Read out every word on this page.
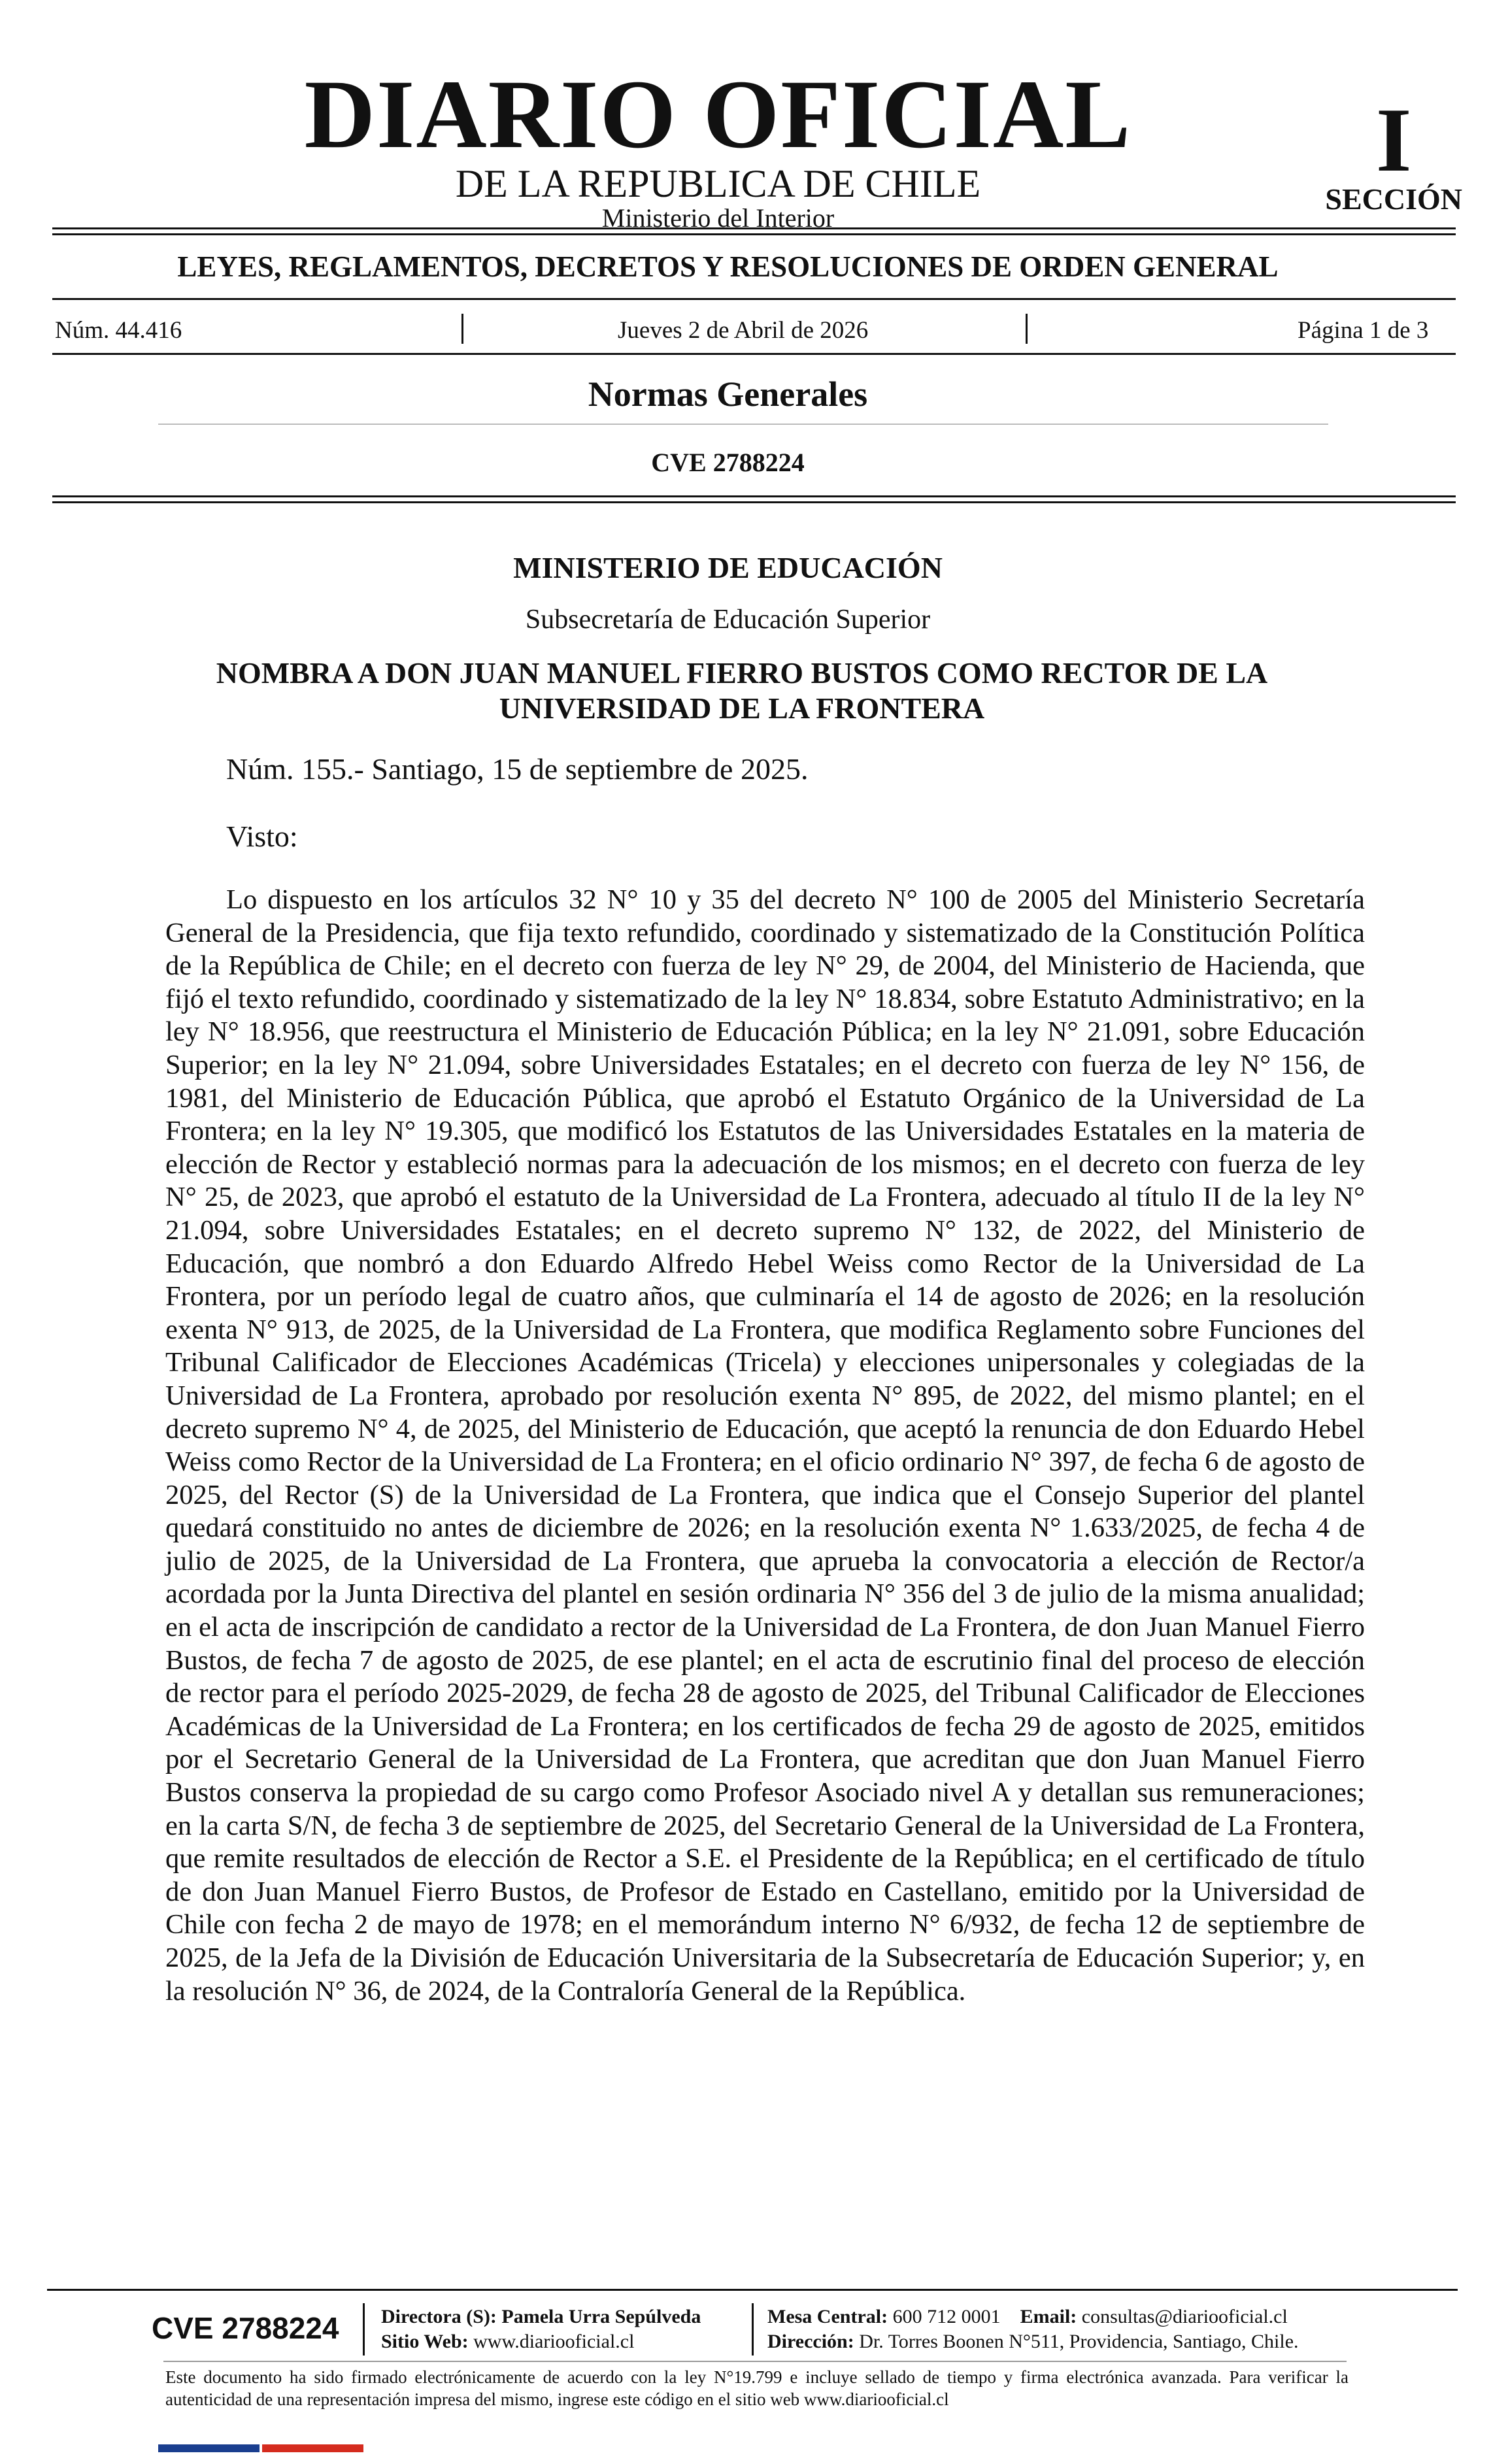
DIARIO OFICIAL
DE LA REPUBLICA DE CHILE
Ministerio del Interior
I
SECCIÓN
LEYES, REGLAMENTOS, DECRETOS Y RESOLUCIONES DE ORDEN GENERAL
Núm. 44.416	Jueves 2 de Abril de 2026	Página 1 de 3
Normas Generales
CVE 2788224
MINISTERIO DE EDUCACIÓN
Subsecretaría de Educación Superior
NOMBRA A DON JUAN MANUEL FIERRO BUSTOS COMO RECTOR DE LA UNIVERSIDAD DE LA FRONTERA
Núm. 155.- Santiago, 15 de septiembre de 2025.
Visto:
Lo dispuesto en los artículos 32 N° 10 y 35 del decreto N° 100 de 2005 del Ministerio Secretaría General de la Presidencia, que fija texto refundido, coordinado y sistematizado de la Constitución Política de la República de Chile; en el decreto con fuerza de ley N° 29, de 2004, del Ministerio de Hacienda, que fijó el texto refundido, coordinado y sistematizado de la ley N° 18.834, sobre Estatuto Administrativo; en la ley N° 18.956, que reestructura el Ministerio de Educación Pública; en la ley N° 21.091, sobre Educación Superior; en la ley N° 21.094, sobre Universidades Estatales; en el decreto con fuerza de ley N° 156, de 1981, del Ministerio de Educación Pública, que aprobó el Estatuto Orgánico de la Universidad de La Frontera; en la ley N° 19.305, que modificó los Estatutos de las Universidades Estatales en la materia de elección de Rector y estableció normas para la adecuación de los mismos; en el decreto con fuerza de ley N° 25, de 2023, que aprobó el estatuto de la Universidad de La Frontera, adecuado al título II de la ley N° 21.094, sobre Universidades Estatales; en el decreto supremo N° 132, de 2022, del Ministerio de Educación, que nombró a don Eduardo Alfredo Hebel Weiss como Rector de la Universidad de La Frontera, por un período legal de cuatro años, que culminaría el 14 de agosto de 2026; en la resolución exenta N° 913, de 2025, de la Universidad de La Frontera, que modifica Reglamento sobre Funciones del Tribunal Calificador de Elecciones Académicas (Tricela) y elecciones unipersonales y colegiadas de la Universidad de La Frontera, aprobado por resolución exenta N° 895, de 2022, del mismo plantel; en el decreto supremo N° 4, de 2025, del Ministerio de Educación, que aceptó la renuncia de don Eduardo Hebel Weiss como Rector de la Universidad de La Frontera; en el oficio ordinario N° 397, de fecha 6 de agosto de 2025, del Rector (S) de la Universidad de La Frontera, que indica que el Consejo Superior del plantel quedará constituido no antes de diciembre de 2026; en la resolución exenta N° 1.633/2025, de fecha 4 de julio de 2025, de la Universidad de La Frontera, que aprueba la convocatoria a elección de Rector/a acordada por la Junta Directiva del plantel en sesión ordinaria N° 356 del 3 de julio de la misma anualidad; en el acta de inscripción de candidato a rector de la Universidad de La Frontera, de don Juan Manuel Fierro Bustos, de fecha 7 de agosto de 2025, de ese plantel; en el acta de escrutinio final del proceso de elección de rector para el período 2025-2029, de fecha 28 de agosto de 2025, del Tribunal Calificador de Elecciones Académicas de la Universidad de La Frontera; en los certificados de fecha 29 de agosto de 2025, emitidos por el Secretario General de la Universidad de La Frontera, que acreditan que don Juan Manuel Fierro Bustos conserva la propiedad de su cargo como Profesor Asociado nivel A y detallan sus remuneraciones; en la carta S/N, de fecha 3 de septiembre de 2025, del Secretario General de la Universidad de La Frontera, que remite resultados de elección de Rector a S.E. el Presidente de la República; en el certificado de título de don Juan Manuel Fierro Bustos, de Profesor de Estado en Castellano, emitido por la Universidad de Chile con fecha 2 de mayo de 1978; en el memorándum interno N° 6/932, de fecha 12 de septiembre de 2025, de la Jefa de la División de Educación Universitaria de la Subsecretaría de Educación Superior; y, en la resolución N° 36, de 2024, de la Contraloría General de la República.
CVE 2788224 Directora (S): Pamela Urra Sepúlveda
Sitio Web: www.diariooficial.cl
Mesa Central: 600 712 0001 Email: consultas@diariooficial.cl
Dirección: Dr. Torres Boonen N°511, Providencia, Santiago, Chile.
Este documento ha sido firmado electrónicamente de acuerdo con la ley N°19.799 e incluye sellado de tiempo y firma electrónica avanzada. Para verificar la autenticidad de una representación impresa del mismo, ingrese este código en el sitio web www.diariooficial.cl
